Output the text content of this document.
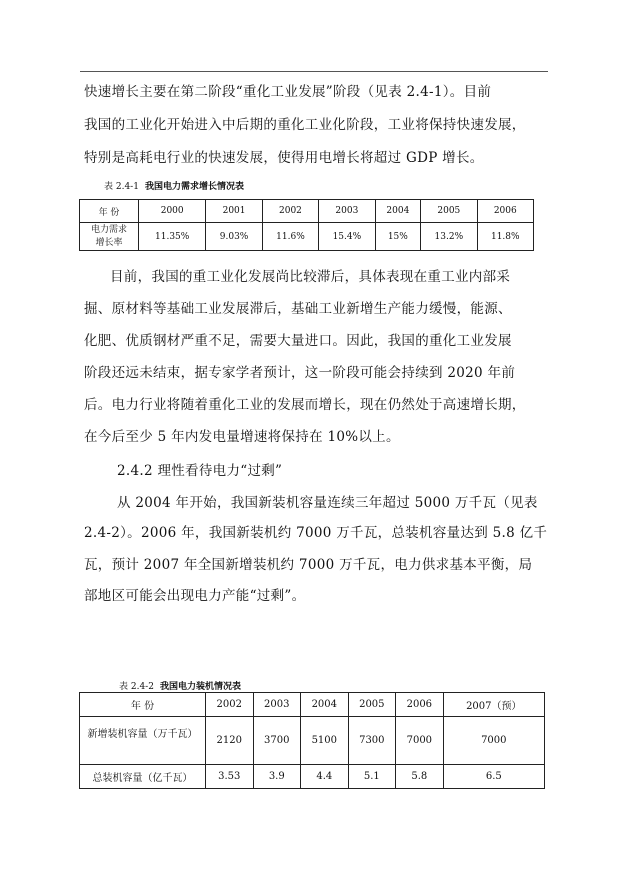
快速增长主要在第二阶段“重化工业发展”阶段（见表 2.4-1）。目前
我国的工业化开始进入中后期的重化工业化阶段，工业将保持快速发展，
特别是高耗电行业的快速发展，使得用电增长将超过 GDP 增长。
表 2.4-1 我国电力需求增长情况表
年 份	2000	2001	2002	2003	2004	2005	2006

电力需求
增长率	11.35%	9.03%	11.6%	15.4%	15%	13.2%	11.8%
目前，我国的重工业化发展尚比较滞后，具体表现在重工业内部采
掘、原材料等基础工业发展滞后，基础工业新增生产能力缓慢，能源、
化肥、优质钢材严重不足，需要大量进口。因此，我国的重化工业发展
阶段还远未结束，据专家学者预计，这一阶段可能会持续到 2020 年前
后。电力行业将随着重化工业的发展而增长，现在仍然处于高速增长期，
在今后至少 5 年内发电量增速将保持在 10%以上。
2.4.2 理性看待电力“过剩”
从 2004 年开始，我国新装机容量连续三年超过 5000 万千瓦（见表
2.4-2）。2006 年，我国新装机约 7000 万千瓦，总装机容量达到 5.8 亿千
瓦，预计 2007 年全国新增装机约 7000 万千瓦，电力供求基本平衡，局
部地区可能会出现电力产能“过剩”。
表 2.4-2 我国电力装机情况表
年 份	2002	2003	2004	2005	2006	2007（预）
新增装机容量（万千瓦）	2120	3700	5100	7300	7000	7000
总装机容量（亿千瓦）	3.53	3.9	4.4	5.1	5.8	6.5
